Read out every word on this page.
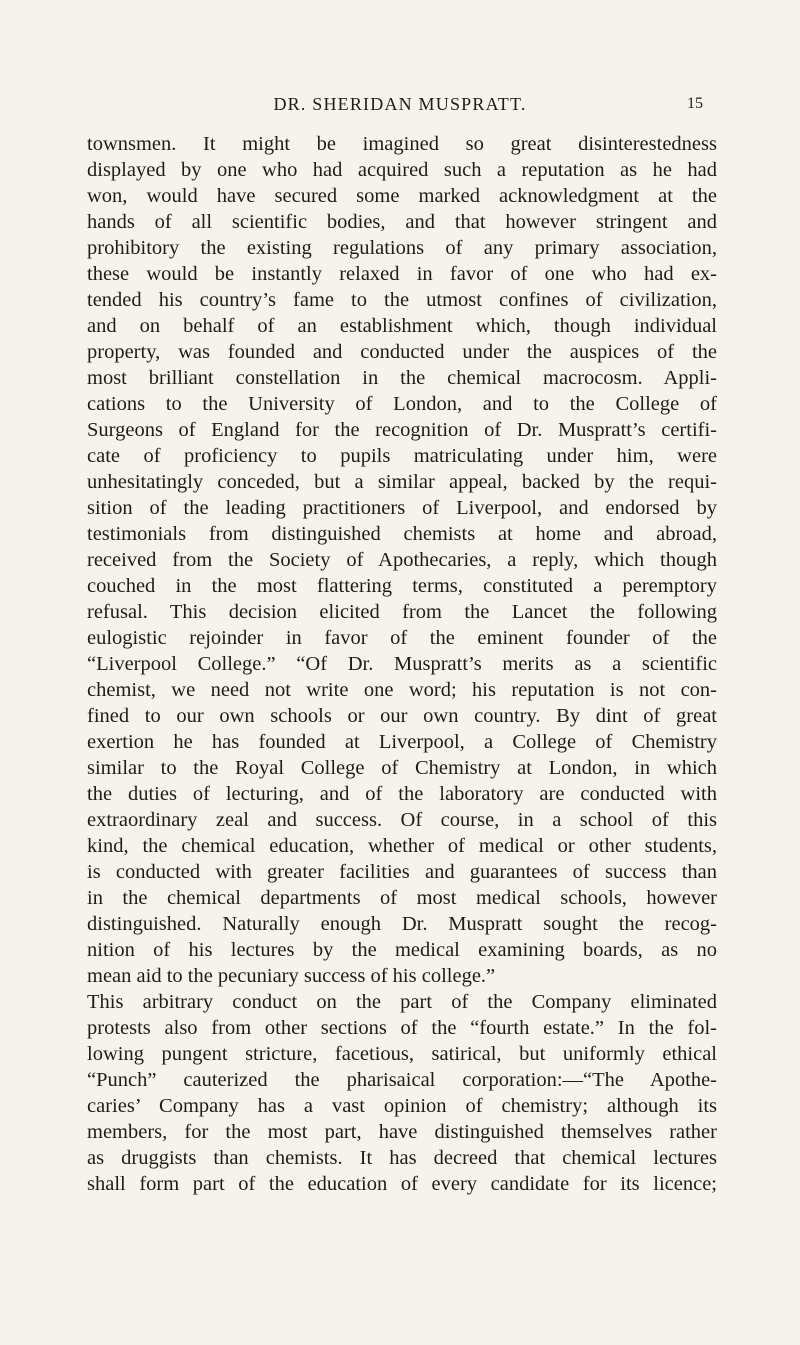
DR. SHERIDAN MUSPRATT.	15
townsmen. It might be imagined so great disinterestedness
displayed by one who had acquired such a reputation as he had
won, would have secured some marked acknowledgment at the
hands of all scientific bodies, and that however stringent and
prohibitory the existing regulations of any primary association,
these would be instantly relaxed in favor of one who had ex-
tended his country’s fame to the utmost confines of civilization,
and on behalf of an establishment which, though individual
property, was founded and conducted under the auspices of the
most brilliant constellation in the chemical macrocosm. Appli-
cations to the University of London, and to the College of
Surgeons of England for the recognition of Dr. Muspratt’s certifi-
cate of proficiency to pupils matriculating under him, were
unhesitatingly conceded, but a similar appeal, backed by the requi-
sition of the leading practitioners of Liverpool, and endorsed by
testimonials from distinguished chemists at home and abroad,
received from the Society of Apothecaries, a reply, which though
couched in the most flattering terms, constituted a peremptory
refusal. This decision elicited from the Lancet the following
eulogistic rejoinder in favor of the eminent founder of the
“Liverpool College.” “Of Dr. Muspratt’s merits as a scientific
chemist, we need not write one word; his reputation is not con-
fined to our own schools or our own country. By dint of great
exertion he has founded at Liverpool, a College of Chemistry
similar to the Royal College of Chemistry at London, in which
the duties of lecturing, and of the laboratory are conducted with
extraordinary zeal and success. Of course, in a school of this
kind, the chemical education, whether of medical or other students,
is conducted with greater facilities and guarantees of success than
in the chemical departments of most medical schools, however
distinguished. Naturally enough Dr. Muspratt sought the recog-
nition of his lectures by the medical examining boards, as no
mean aid to the pecuniary success of his college.”
This arbitrary conduct on the part of the Company eliminated
protests also from other sections of the “fourth estate.” In the fol-
lowing pungent stricture, facetious, satirical, but uniformly ethical
“Punch” cauterized the pharisaical corporation:—“The Apothe-
caries’ Company has a vast opinion of chemistry; although its
members, for the most part, have distinguished themselves rather
as druggists than chemists. It has decreed that chemical lectures
shall form part of the education of every candidate for its licence;
